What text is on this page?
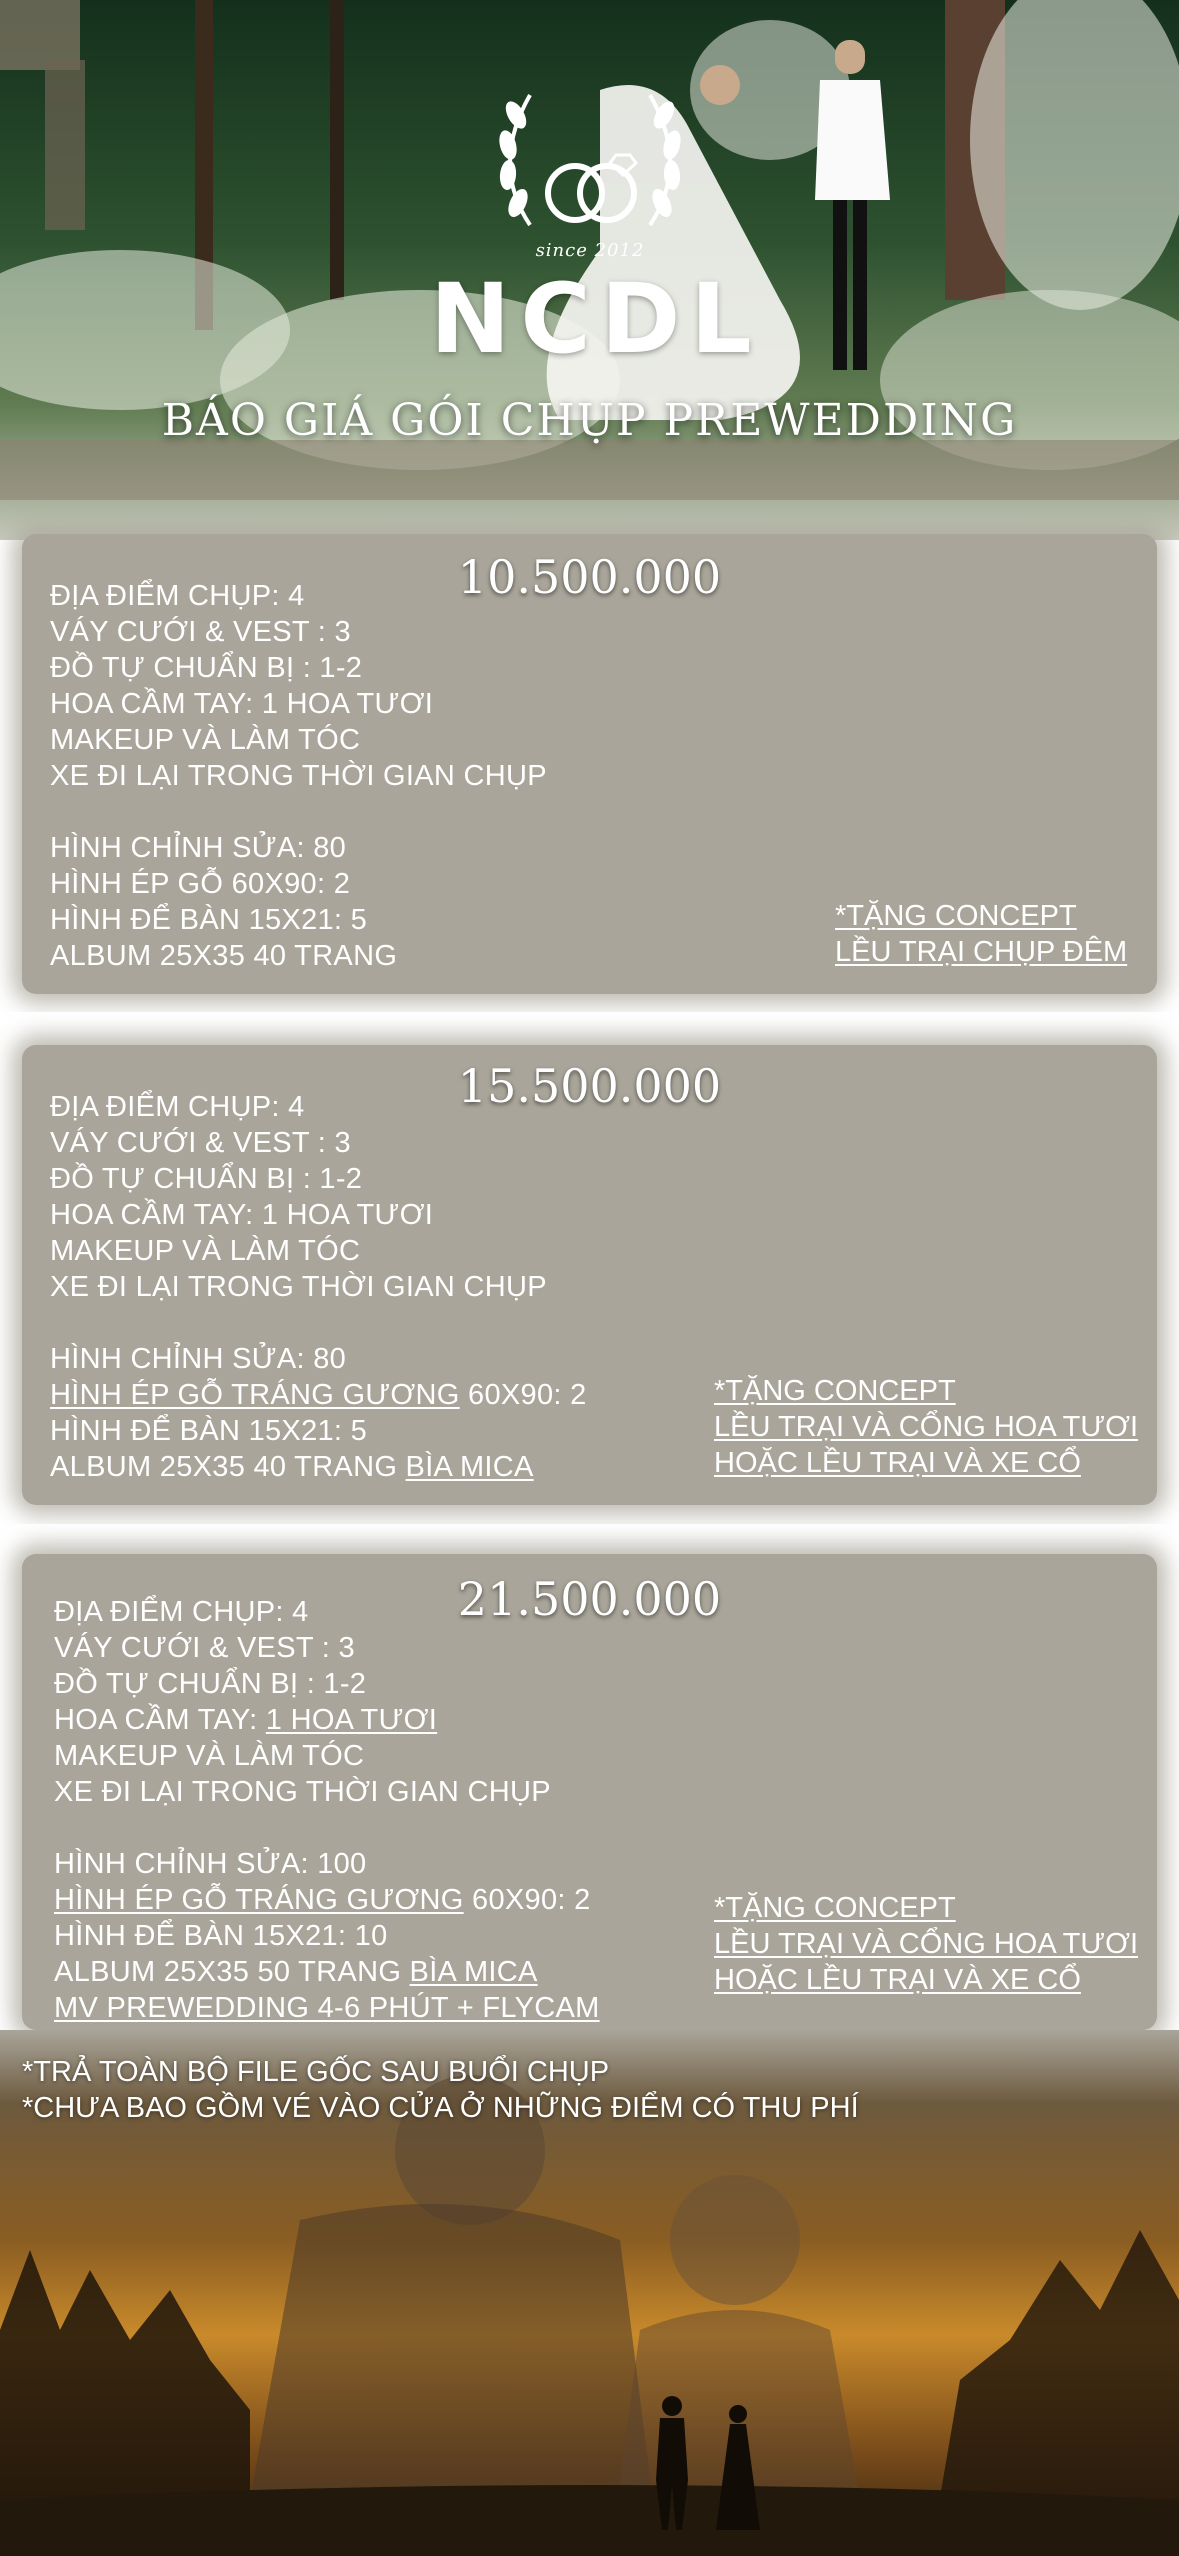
since 2012
NCDL
BÁO GIÁ GÓI CHỤP PREWEDDING
10.500.000
ĐỊA ĐIỂM CHỤP: 4
VÁY CƯỚI & VEST : 3
ĐỒ TỰ CHUẨN BỊ : 1-2
HOA CẦM TAY: 1 HOA TƯƠI
MAKEUP VÀ LÀM TÓC
XE ĐI LẠI TRONG THỜI GIAN CHỤP
HÌNH CHỈNH SỬA: 80
HÌNH ÉP GỖ 60X90: 2
HÌNH ĐỂ BÀN 15X21: 5
ALBUM 25X35 40 TRANG
*TẶNG CONCEPT
LỀU TRẠI CHỤP ĐÊM
15.500.000
ĐỊA ĐIỂM CHỤP: 4
VÁY CƯỚI & VEST : 3
ĐỒ TỰ CHUẨN BỊ : 1-2
HOA CẦM TAY: 1 HOA TƯƠI
MAKEUP VÀ LÀM TÓC
XE ĐI LẠI TRONG THỜI GIAN CHỤP
HÌNH CHỈNH SỬA: 80
HÌNH ÉP GỖ TRÁNG GƯƠNG 60X90: 2
HÌNH ĐỂ BÀN 15X21: 5
ALBUM 25X35 40 TRANG BÌA MICA
*TẶNG CONCEPT
LỀU TRẠI VÀ CỔNG HOA TƯƠI
HOẶC LỀU TRẠI VÀ XE CỔ
21.500.000
ĐỊA ĐIỂM CHỤP: 4
VÁY CƯỚI & VEST : 3
ĐỒ TỰ CHUẨN BỊ : 1-2
HOA CẦM TAY: 1 HOA TƯƠI
MAKEUP VÀ LÀM TÓC
XE ĐI LẠI TRONG THỜI GIAN CHỤP
HÌNH CHỈNH SỬA: 100
HÌNH ÉP GỖ TRÁNG GƯƠNG 60X90: 2
HÌNH ĐỂ BÀN 15X21: 10
ALBUM 25X35 50 TRANG BÌA MICA
MV PREWEDDING 4-6 PHÚT + FLYCAM
*TẶNG CONCEPT
LỀU TRẠI VÀ CỔNG HOA TƯƠI
HOẶC LỀU TRẠI VÀ XE CỔ
*TRẢ TOÀN BỘ FILE GỐC SAU BUỔI CHỤP
*CHƯA BAO GỒM VÉ VÀO CỬA Ở NHỮNG ĐIỂM CÓ THU PHÍ
